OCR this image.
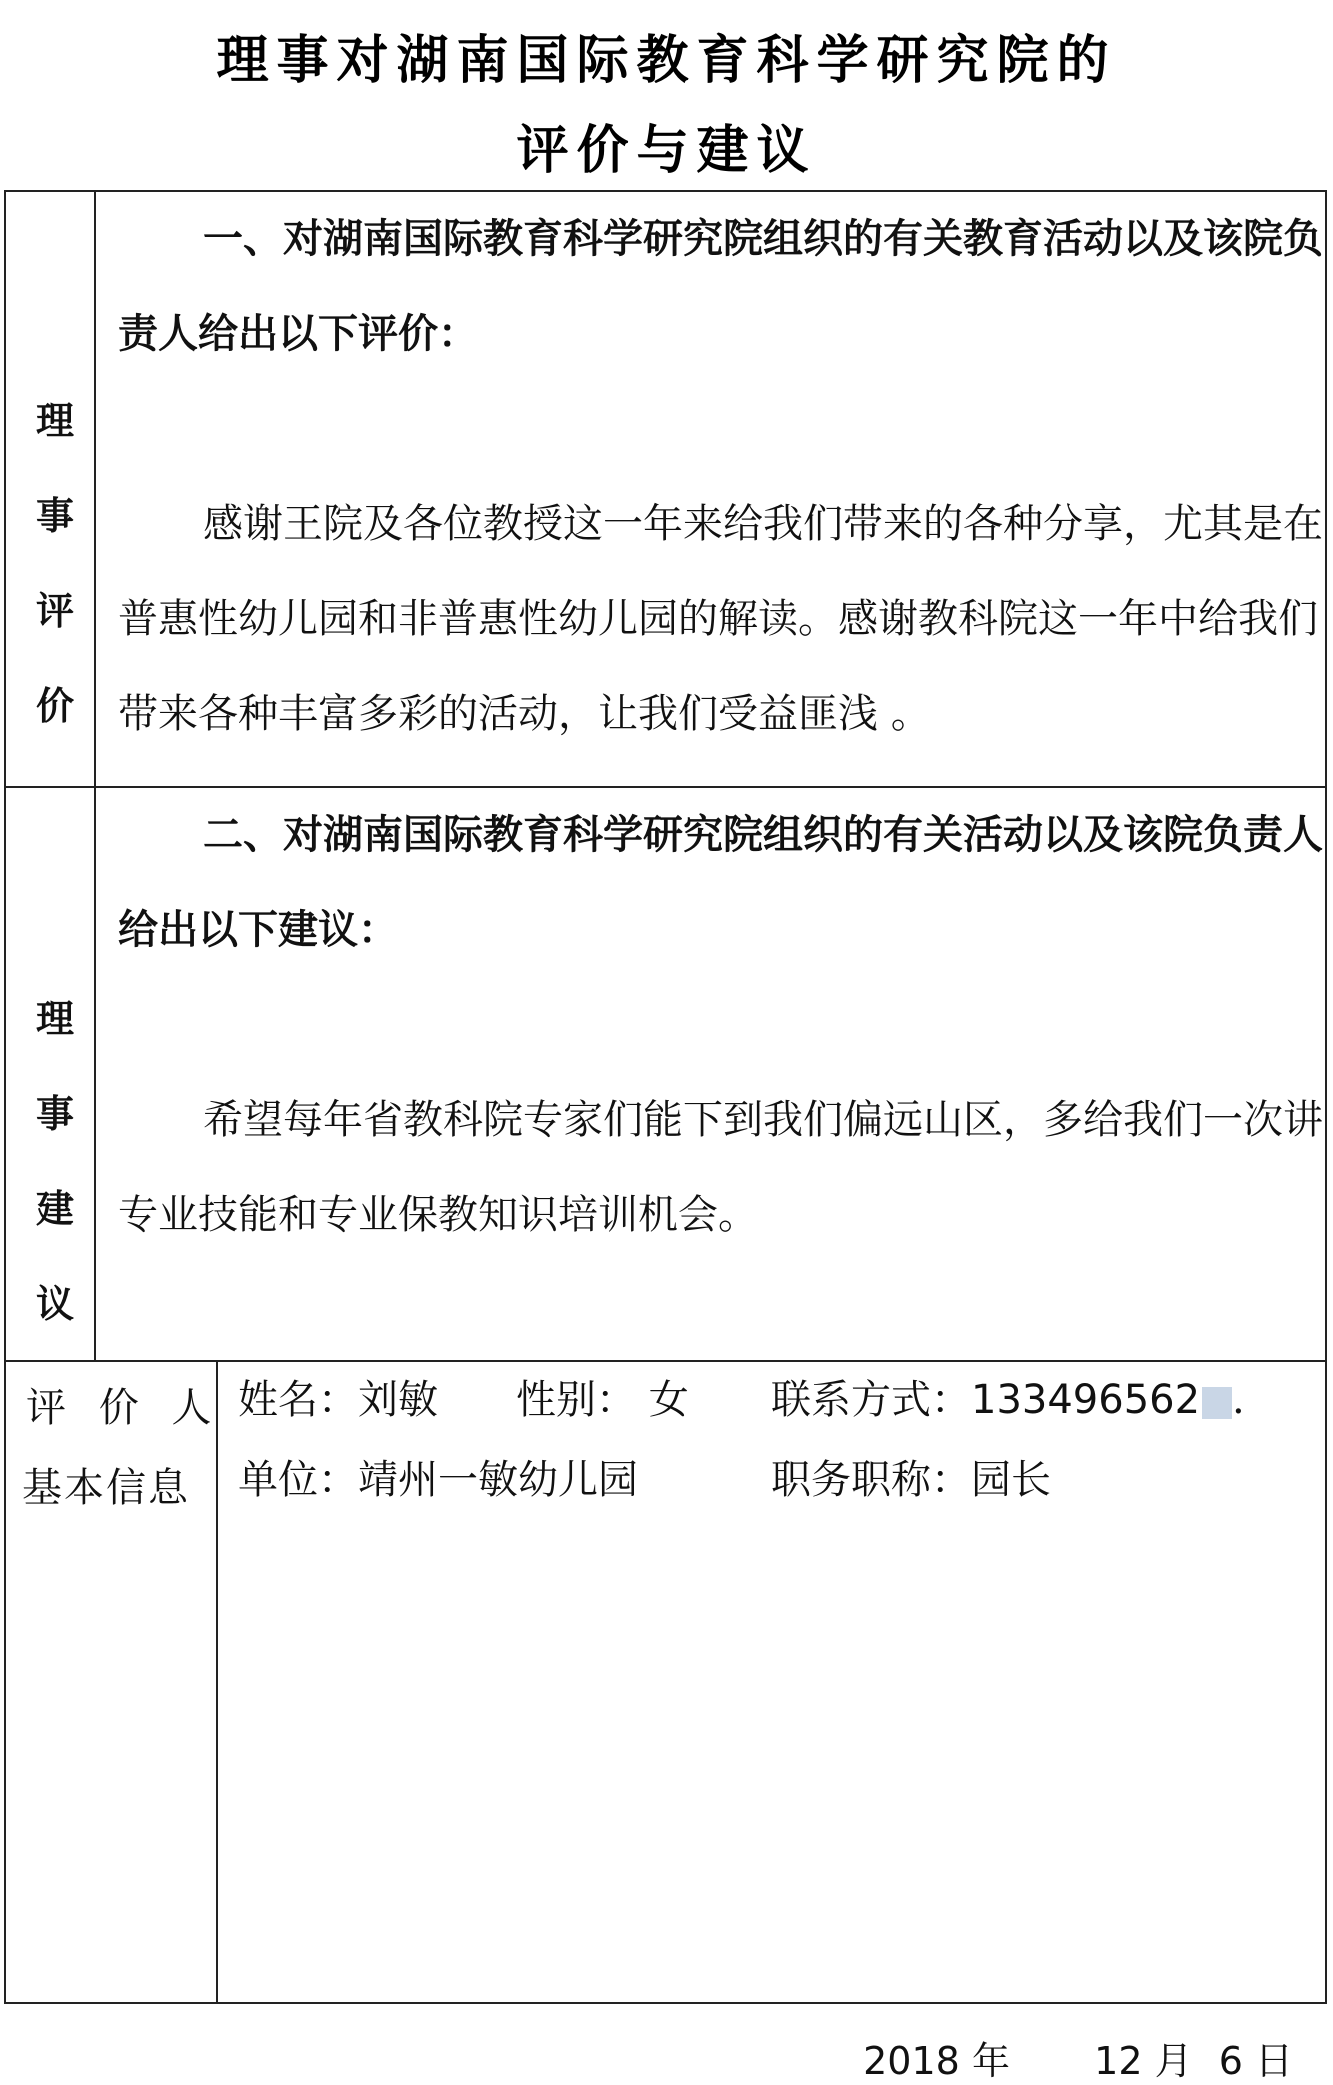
理事对湖南国际教育科学研究院的
评价与建议
理
事
评
价
一、对湖南国际教育科学研究院组织的有关教育活动以及该院负责人给出以下评价：
感谢王院及各位教授这一年来给我们带来的各种分享，尤其是在普惠性幼儿园和非普惠性幼儿园的解读。感谢教科院这一年中给我们带来各种丰富多彩的活动，让我们受益匪浅 。
理
事
建
议
二、对湖南国际教育科学研究院组织的有关活动以及该院负责人给出以下建议：
希望每年省教科院专家们能下到我们偏远山区，多给我们一次讲专业技能和专业保教知识培训机会。
评 价 人
基本信息
姓名：刘敏 性别： 女 联系方式：133496562 .
单位：靖州一敏幼儿园	职务职称：园长
2018 年 12 月 6 日
